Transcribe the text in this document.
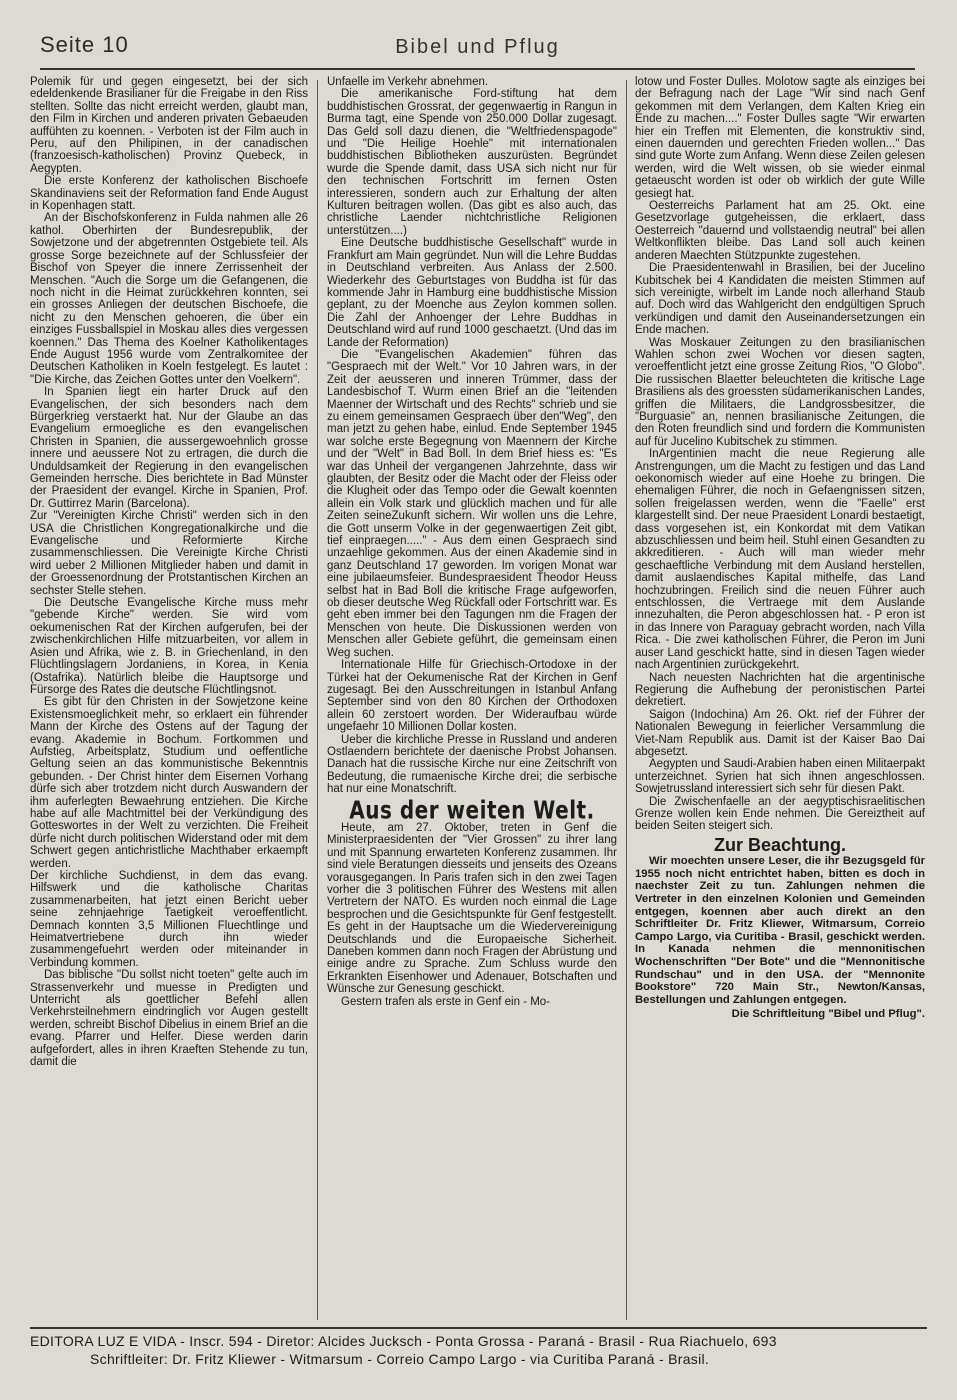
Seite 10	Bibel und Pflug

Polemik für und gegen eingesetzt, bei der sich edeldenkende Brasilianer für die Freigabe in den Riss stellten. Sollte das nicht erreicht werden, glaubt man, den Film in Kirchen und anderen privaten Gebaeuden auffühten zu koennen. - Verboten ist der Film auch in Peru, auf den Philipinen, in der canadischen (franzoesisch-katholischen) Provinz Quebeck, in Aegypten.

Die erste Konferenz der katholischen Bischoefe Skandinaviens seit der Reformation fand Ende August in Kopenhagen statt.

An der Bischofskonferenz in Fulda nahmen alle 26 kathol. Oberhirten der Bundesrepublik, der Sowjetzone und der abgetrennten Ostgebiete teil. Als grosse Sorge bezeichnete auf der Schlussfeier der Bischof von Speyer die innere Zerrissenheit der Menschen. "Auch die Sorge um die Gefangenen, die noch nicht in die Heimat zurückkehren konnten, sei ein grosses Anliegen der deutschen Bischoefe, die nicht zu den Menschen gehoeren, die über ein einziges Fussballspiel in Moskau alles dies vergessen koennen." Das Thema des Koelner Katholikentages Ende August 1956 wurde vom Zentralkomitee der Deutschen Katholiken in Koeln festgelegt. Es lautet : "Die Kirche, das Zeichen Gottes unter den Voelkern".

In Spanien liegt ein harter Druck auf den Evangelischen, der sich besonders nach dem Bürgerkrieg verstaerkt hat. Nur der Glaube an das Evangelium ermoegliche es den evangelischen Christen in Spanien, die aussergewoehnlich grosse innere und aeussere Not zu ertragen, die durch die Unduldsamkeit der Regierung in den evangelischen Gemeinden herrsche. Dies berichtete in Bad Münster der Praesident der evangel. Kirche in Spanien, Prof. Dr. Guttirrez Marin (Barcelona).

Zur "Vereinigten Kirche Christi" werden sich in den USA die Christlichen Kongregationalkirche und die Evangelische und Reformierte Kirche zusammenschliessen. Die Vereinigte Kirche Christi wird ueber 2 Millionen Mitglieder haben und damit in der Groessenordnung der Protstantischen Kirchen an sechster Stelle stehen.

Die Deutsche Evangelische Kirche muss mehr "gebende Kirche" werden. Sie wird vom oekumenischen Rat der Kirchen aufgerufen, bei der zwischenkirchlichen Hilfe mitzuarbeiten, vor allem in Asien und Afrika, wie z. B. in Griechenland, in den Flüchtlingslagern Jordaniens, in Korea, in Kenia (Ostafrika). Natürlich bleibe die Hauptsorge und Fürsorge des Rates die deutsche Flüchtlingsnot.

Es gibt für den Christen in der Sowjetzone keine Existensmoeglichkeit mehr, so erklaert ein führender Mann der Kirche des Ostens auf der Tagung der evang. Akademie in Bochum. Fortkommen und Aufstieg, Arbeitsplatz, Studium und oeffentliche Geltung seien an das kommunistische Bekenntnis gebunden. - Der Christ hinter dem Eisernen Vorhang dürfe sich aber trotzdem nicht durch Auswandern der ihm auferlegten Bewaehrung entziehen. Die Kirche habe auf alle Machtmittel bei der Verkündigung des Gotteswortes in der Welt zu verzichten. Die Freiheit dürfe nicht durch politischen Widerstand oder mit dem Schwert gegen antichristliche Machthaber erkaempft werden.

Der kirchliche Suchdienst, in dem das evang. Hilfswerk und die katholische Charitas zusammenarbeiten, hat jetzt einen Bericht ueber seine zehnjaehrige Taetigkeit veroeffentlicht. Demnach konnten 3,5 Millionen Fluechtlinge und Heimatvertriebene durch ihn wieder zusammengefuehrt werden oder miteinander in Verbindung kommen.

Das biblische "Du sollst nicht toeten" gelte auch im Strassenverkehr und muesse in Predigten und Unterricht als goettlicher Befehl allen Verkehrsteilnehmern eindringlich vor Augen gestellt werden, schreibt Bischof Dibelius in einem Brief an die evang. Pfarrer und Helfer. Diese werden darin aufgefordert, alles in ihren Kraeften Stehende zu tun, damit die

Unfaelle im Verkehr abnehmen.

Die amerikanische Ford-stiftung hat dem buddhistischen Grossrat, der gegenwaertig in Rangun in Burma tagt, eine Spende von 250.000 Dollar zugesagt. Das Geld soll dazu dienen, die "Weltfriedenspagode" und "Die Heilige Hoehle" mit internationalen buddhistischen Bibliotheken auszurüsten. Begründet wurde die Spende damit, dass USA sich nicht nur für den technischen Fortschritt im fernen Osten interessieren, sondern auch zur Erhaltung der alten Kulturen beitragen wollen. (Das gibt es also auch, das christliche Laender nichtchristliche Religionen unterstützen....)

Eine Deutsche buddhistische Gesellschaft" wurde in Frankfurt am Main gegründet. Nun will die Lehre Buddas in Deutschland verbreiten. Aus Anlass der 2.500. Wiederkehr des Geburtstages von Buddha ist für das kommende Jahr in Hamburg eine buddhistische Mission geplant, zu der Moenche aus Zeylon kommen sollen. Die Zahl der Anhoenger der Lehre Buddhas in Deutschland wird auf rund 1000 geschaetzt. (Und das im Lande der Reformation)

Die "Evangelischen Akademien" führen das "Gespraech mit der Welt." Vor 10 Jahren wars, in der Zeit der aeusseren und inneren Trümmer, dass der Landesbischof T. Wurm einen Brief an die "leitenden Maenner der Wirtschaft und des Rechts" schrieb und sie zu einem gemeinsamen Gespraech über den"Weg", den man jetzt zu gehen habe, einlud. Ende September 1945 war solche erste Begegnung von Maennern der Kirche und der "Welt" in Bad Boll. In dem Brief hiess es: "Es war das Unheil der vergangenen Jahrzehnte, dass wir glaubten, der Besitz oder die Macht oder der Fleiss oder die Klugheit oder das Tempo oder die Gewalt koennten allein ein Volk stark und glücklich machen und für alle Zeiten seineZukunft sichern. Wir wollen uns die Lehre, die Gott unserm Volke in der gegenwaertigen Zeit gibt, tief einpraegen....." - Aus dem einen Gespraech sind unzaehlige gekommen. Aus der einen Akademie sind in ganz Deutschland 17 geworden. Im vorigen Monat war eine jubilaeumsfeier. Bundespraesident Theodor Heuss selbst hat in Bad Boll die kritische Frage aufgeworfen, ob dieser deutsche Weg Rückfall oder Fortschritt war. Es geht eben immer bei den Tagungen nm die Fragen der Menschen von heute. Die Diskussionen werden von Menschen aller Gebiete geführt, die gemeinsam einen Weg suchen.

Internationale Hilfe für Griechisch-Ortodoxe in der Türkei hat der Oekumenische Rat der Kirchen in Genf zugesagt. Bei den Ausschreitungen in Istanbul Anfang September sind von den 80 Kirchen der Orthodoxen allein 60 zerstoert worden. Der Wideraufbau würde ungefaehr 10 Millionen Dollar kosten.

Ueber die kirchliche Presse in Russland und anderen Ostlaendern berichtete der daenische Probst Johansen. Danach hat die russische Kirche nur eine Zeitschrift von Bedeutung, die rumaenische Kirche drei; die serbische hat nur eine Monatschrift.

Aus der weiten Welt.

Heute, am 27. Oktober, treten in Genf die Ministerpraesidenten der "Vier Grossen" zu ihrer lang und mit Spannung erwarteten Konferenz zusammen. Ihr sind viele Beratungen diesseits und jenseits des Ozeans vorausgegangen. In Paris trafen sich in den zwei Tagen vorher die 3 politischen Führer des Westens mit allen Vertretern der NATO. Es wurden noch einmal die Lage besprochen und die Gesichtspunkte für Genf festgestellt. Es geht in der Hauptsache um die Wiedervereinigung Deutschlands und die Europaeische Sicherheit. Daneben kommen dann noch Fragen der Abrüstung und einige andre zu Sprache. Zum Schluss wurde den Erkrankten Eisenhower und Adenauer, Botschaften und Wünsche zur Genesung geschickt.

Gestern trafen als erste in Genf ein - Mo-

lotow und Foster Dulles. Molotow sagte als einziges bei der Befragung nach der Lage "Wir sind nach Genf gekommen mit dem Verlangen, dem Kalten Krieg ein Ende zu machen...." Foster Dulles sagte "Wir erwarten hier ein Treffen mit Elementen, die konstruktiv sind, einen dauernden und gerechten Frieden wollen..." Das sind gute Worte zum Anfang. Wenn diese Zeilen gelesen werden, wird die Welt wissen, ob sie wieder einmal getaeuscht worden ist oder ob wirklich der gute Wille gesiegt hat.

Oesterreichs Parlament hat am 25. Okt. eine Gesetzvorlage gutgeheissen, die erklaert, dass Oesterreich "dauernd und vollstaendig neutral" bei allen Weltkonflikten bleibe. Das Land soll auch keinen anderen Maechten Stützpunkte zugestehen.

Die Praesidentenwahl in Brasilien, bei der Jucelino Kubitschek bei 4 Kandidaten die meisten Stimmen auf sich vereinigte, wirbelt im Lande noch allerhand Staub auf. Doch wird das Wahlgericht den endgültigen Spruch verkündigen und damit den Auseinandersetzungen ein Ende machen.

Was Moskauer Zeitungen zu den brasilianischen Wahlen schon zwei Wochen vor diesen sagten, veroeffentlicht jetzt eine grosse Zeitung Rios, "O Globo". Die russischen Blaetter beleuchteten die kritische Lage Brasiliens als des groessten südamerikanischen Landes, griffen die Militaers, die Landgrossbesitzer, die "Burguasie" an, nennen brasilianische Zeitungen, die den Roten freundlich sind und fordern die Kommunisten auf für Jucelino Kubitschek zu stimmen.

InArgentinien macht die neue Regierung alle Anstrengungen, um die Macht zu festigen und das Land oekonomisch wieder auf eine Hoehe zu bringen. Die ehemaligen Führer, die noch in Gefaengnissen sitzen, sollen freigelassen werden, wenn die "Faelle" erst klargestellt sind. Der neue Praesident Lonardi bestaetigt, dass vorgesehen ist, ein Konkordat mit dem Vatikan abzuschliessen und beim heil. Stuhl einen Gesandten zu akkreditieren. - Auch will man wieder mehr geschaeftliche Verbindung mit dem Ausland herstellen, damit auslaendisches Kapital mithelfe, das Land hochzubringen. Freilich sind die neuen Führer auch entschlossen, die Vertraege mit dem Auslande innezuhalten, die Peron abgeschlossen hat. - P eron ist in das Innere von Paraguay gebracht worden, nach Villa Rica. - Die zwei katholischen Führer, die Peron im Juni auser Land geschickt hatte, sind in diesen Tagen wieder nach Argentinien zurückgekehrt.

Nach neuesten Nachrichten hat die argentinische Regierung die Aufhebung der peronistischen Partei dekretiert.

Saigon (Indochina) Am 26. Okt. rief der Führer der Nationalen Bewegung in feierlicher Versammlung die Viet-Nam Republik aus. Damit ist der Kaiser Bao Dai abgesetzt.

Aegypten und Saudi-Arabien haben einen Militaerpakt unterzeichnet. Syrien hat sich ihnen angeschlossen. Sowjetrussland interessiert sich sehr für diesen Pakt.

Die Zwischenfaelle an der aegyptischisraelitischen Grenze wollen kein Ende nehmen. Die Gereiztheit auf beiden Seiten steigert sich.

Zur Beachtung.

Wir moechten unsere Leser, die ihr Bezugsgeld für 1955 noch nicht entrichtet haben, bitten es doch in naechster Zeit zu tun. Zahlungen nehmen die Vertreter in den einzelnen Kolonien und Gemeinden entgegen, koennen aber auch direkt an den Schriftleiter Dr. Fritz Kliewer, Witmarsum, Correio Campo Largo, via Curitiba - Brasil, geschickt werden. In Kanada nehmen die mennonitischen Wochenschriften "Der Bote" und die "Mennonitische Rundschau" und in den USA. der "Mennonite Bookstore" 720 Main Str., Newton/Kansas, Bestellungen und Zahlungen entgegen.

Die Schriftleitung "Bibel und Pflug".
EDITORA LUZ E VIDA - Inscr. 594 - Diretor: Alcides Jucksch - Ponta Grossa - Paraná - Brasil - Rua Riachuelo, 693
Schriftleiter: Dr. Fritz Kliewer - Witmarsum - Correio Campo Largo - via Curitiba Paraná - Brasil.
